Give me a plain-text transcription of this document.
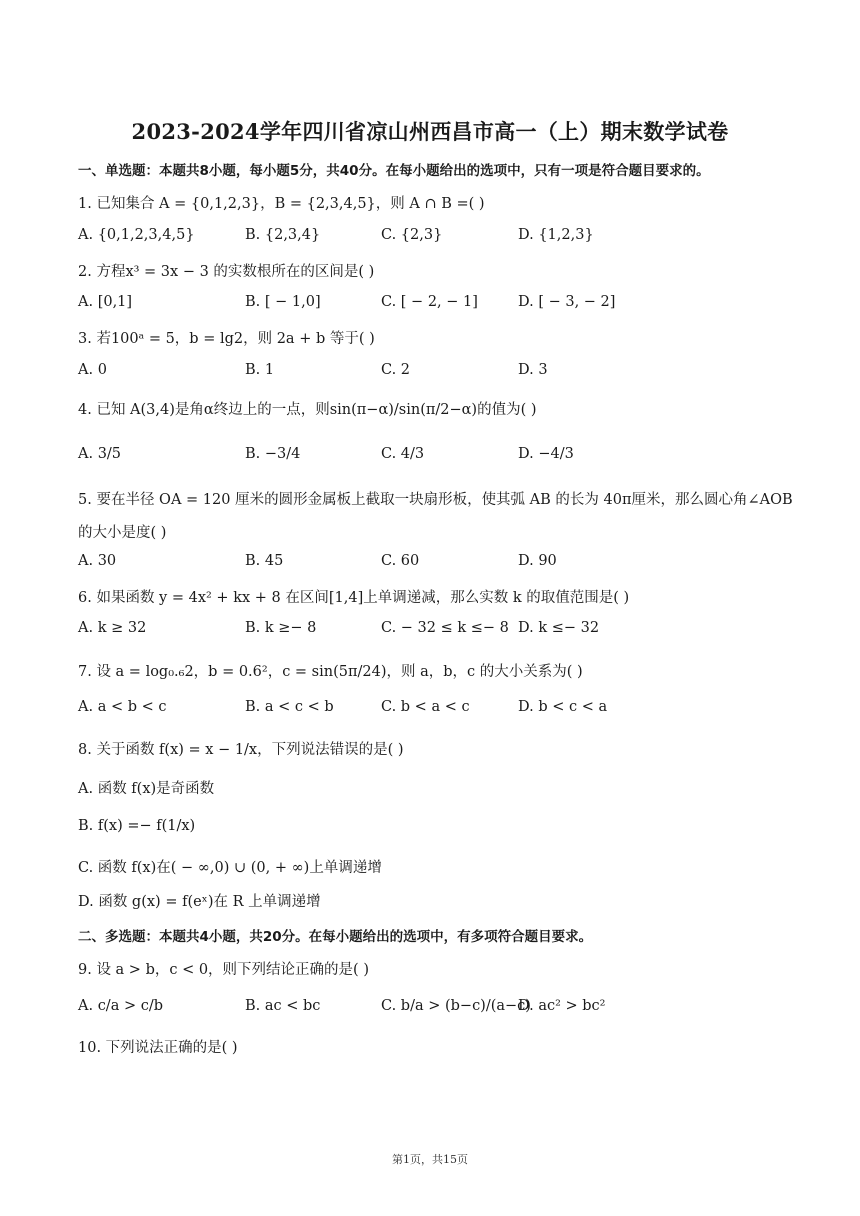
2023-2024学年四川省凉山州西昌市高一（上）期末数学试卷
一、单选题：本题共8小题，每小题5分，共40分。在每小题给出的选项中，只有一项是符合题目要求的。
1. 已知集合 A = {0,1,2,3}，B = {2,3,4,5}，则 A ∩ B =( )
A. {0,1,2,3,4,5}	B. {2,3,4}	C. {2,3}	D. {1,2,3}
2. 方程x³ = 3x − 3 的实数根所在的区间是( )
A. [0,1]	B. [ − 1,0]	C. [ − 2, − 1]	D. [ − 3, − 2]
3. 若100ᵃ = 5，b = lg2，则 2a + b 等于( )
A. 0	B. 1	C. 2	D. 3
4. 已知 A(3,4)是角α终边上的一点，则sin(π−α)/sin(π/2−α)的值为( )
A. 3/5	B. −3/4	C. 4/3	D. −4/3
5. 要在半径 OA = 120 厘米的圆形金属板上截取一块扇形板，使其弧 AB 的长为 40π厘米，那么圆心角∠AOB 的大小是度( )
A. 30	B. 45	C. 60	D. 90
6. 如果函数 y = 4x² + kx + 8 在区间[1,4]上单调递减，那么实数 k 的取值范围是( )
A. k ≥ 32	B. k ≥− 8	C. − 32 ≤ k ≤− 8 D. k ≤− 32
7. 设 a = log₀.₆2，b = 0.6²，c = sin(5π/24)，则 a，b，c 的大小关系为( )
A. a < b < c	B. a < c < b	C. b < a < c	D. b < c < a
8. 关于函数 f(x) = x − 1/x，下列说法错误的是( )
A. 函数 f(x)是奇函数
B. f(x) =− f(1/x)
C. 函数 f(x)在( − ∞,0) ∪ (0, + ∞)上单调递增
D. 函数 g(x) = f(eˣ)在 R 上单调递增
二、多选题：本题共4小题，共20分。在每小题给出的选项中，有多项符合题目要求。
9. 设 a > b，c < 0，则下列结论正确的是( )
A. c/a > c/b	B. ac < bc	C. b/a > (b−c)/(a−c)
D. ac² > bc²
10. 下列说法正确的是( )
第1页，共15页
